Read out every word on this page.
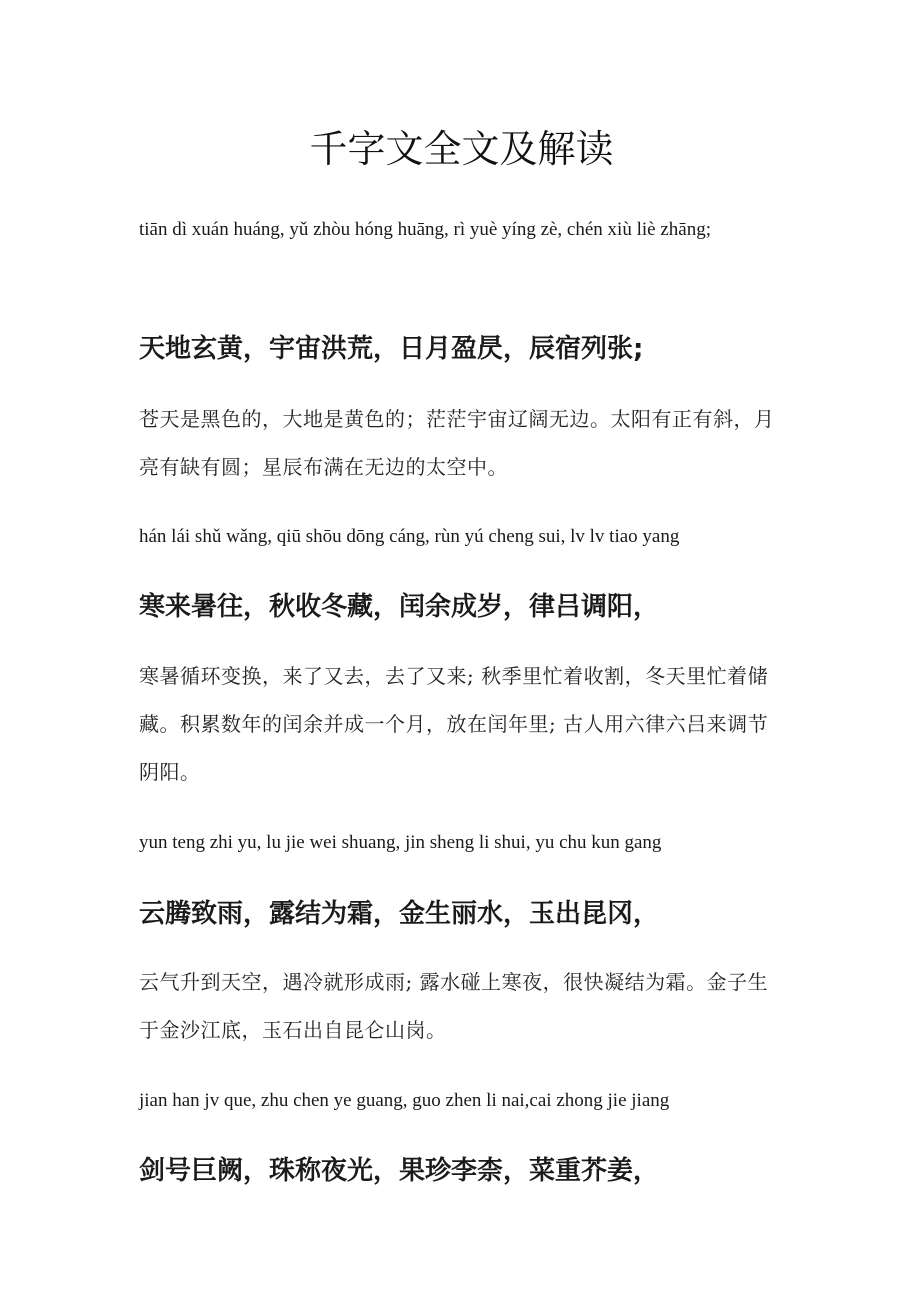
千字文全文及解读

tiān dì xuán huáng, yǔ zhòu hóng huāng, rì yuè yíng zè, chén xiù liè zhāng;

天地玄黄，宇宙洪荒，日月盈昃，辰宿列张;

苍天是黑色的，大地是黄色的；茫茫宇宙辽阔无边。太阳有正有斜，月亮有缺有圆；星辰布满在无边的太空中。

hán lái shǔ wǎng, qiū shōu dōng cáng, rùn yú cheng sui, lv lv tiao yang

寒来暑往，秋收冬藏，闰余成岁，律吕调阳，

寒暑循环变换，来了又去，去了又来; 秋季里忙着收割，冬天里忙着储藏。积累数年的闰余并成一个月，放在闰年里; 古人用六律六吕来调节阴阳。

yun teng zhi yu, lu jie wei shuang, jin sheng li shui, yu chu kun gang

云腾致雨，露结为霜，金生丽水，玉出昆冈，

云气升到天空，遇冷就形成雨; 露水碰上寒夜，很快凝结为霜。金子生于金沙江底，玉石出自昆仑山岗。

jian han jv que, zhu chen ye guang, guo zhen li nai,cai zhong jie jiang

剑号巨阙，珠称夜光，果珍李柰，菜重芥姜，
